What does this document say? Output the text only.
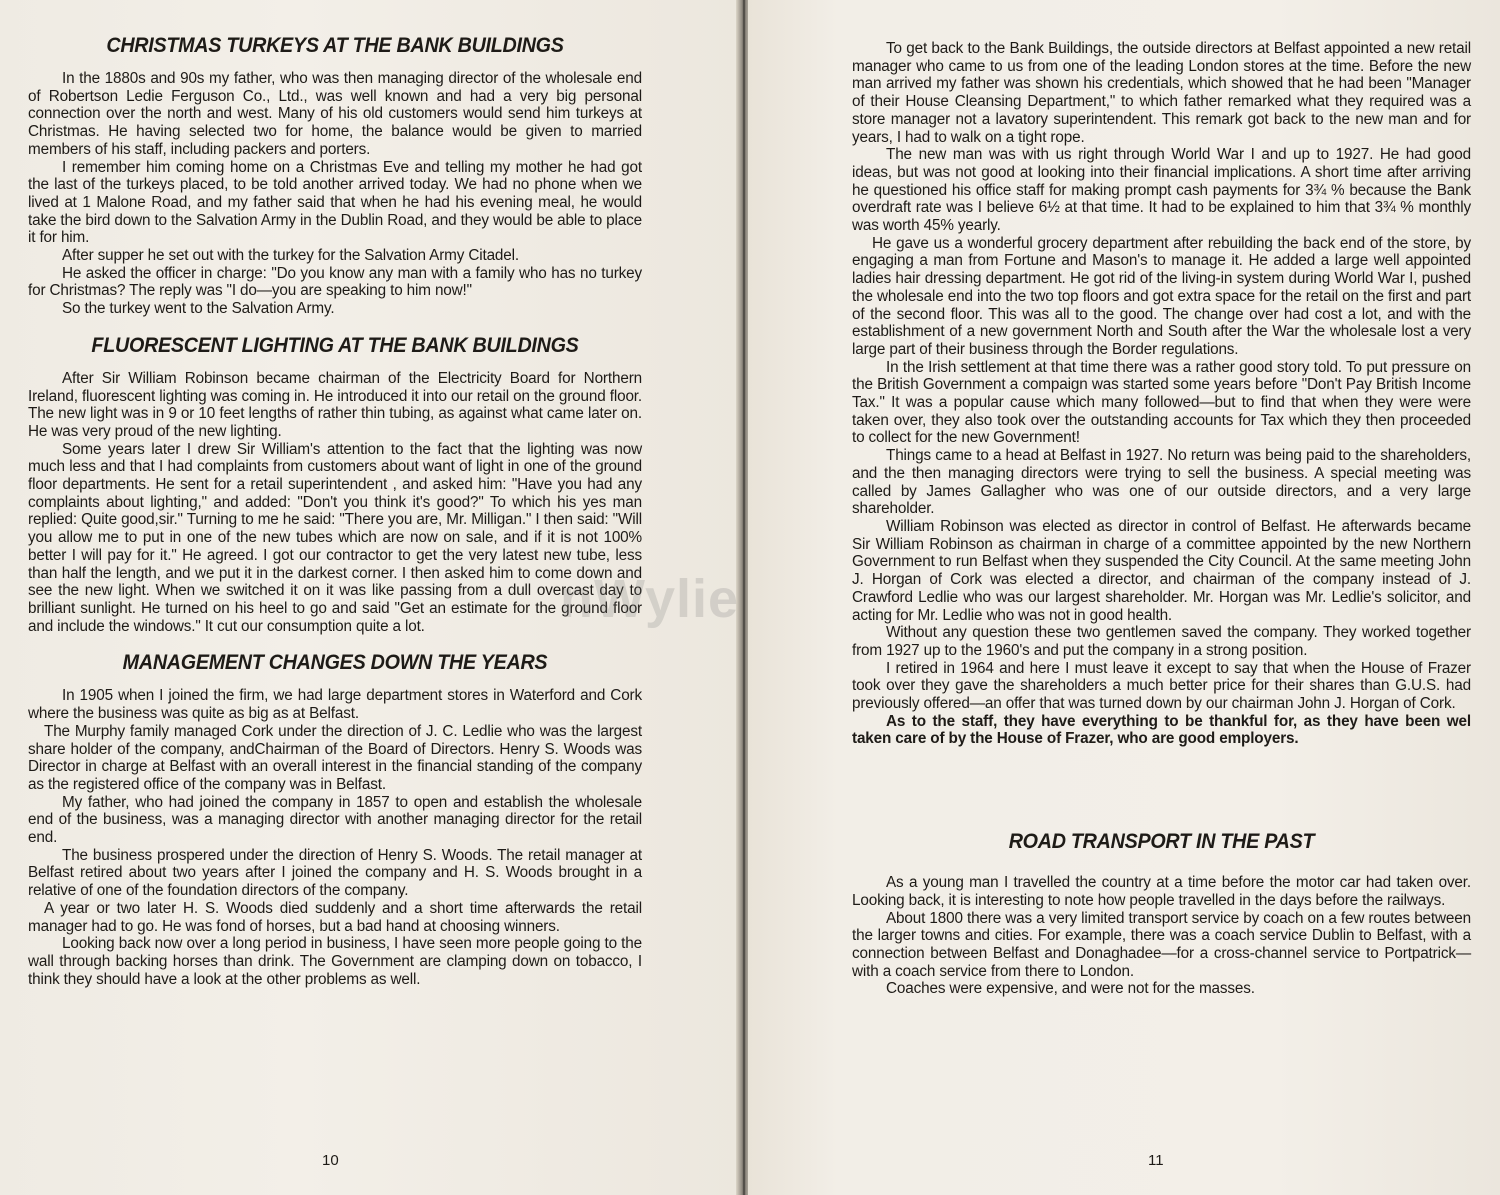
CHRISTMAS TURKEYS AT THE BANK BUILDINGS

In the 1880s and 90s my father, who was then managing director of the wholesale end of Robertson Ledie Ferguson Co., Ltd., was well known and had a very big personal connection over the north and west. Many of his old customers would send him turkeys at Christmas. He having selected two for home, the balance would be given to married members of his staff, including packers and porters.

I remember him coming home on a Christmas Eve and telling my mother he had got the last of the turkeys placed, to be told another arrived today. We had no phone when we lived at 1 Malone Road, and my father said that when he had his evening meal, he would take the bird down to the Salvation Army in the Dublin Road, and they would be able to place it for him.

After supper he set out with the turkey for the Salvation Army Citadel.

He asked the officer in charge: "Do you know any man with a family who has no turkey for Christmas? The reply was "I do—you are speaking to him now!"

So the turkey went to the Salvation Army.

FLUORESCENT LIGHTING AT THE BANK BUILDINGS

After Sir William Robinson became chairman of the Electricity Board for Northern Ireland, fluorescent lighting was coming in. He introduced it into our retail on the ground floor. The new light was in 9 or 10 feet lengths of rather thin tubing, as against what came later on. He was very proud of the new lighting.

Some years later I drew Sir William's attention to the fact that the lighting was now much less and that I had complaints from customers about want of light in one of the ground floor departments. He sent for a retail superintendent , and asked him: "Have you had any complaints about lighting," and added: "Don't you think it's good?" To which his yes man replied: Quite good,sir." Turning to me he said: "There you are, Mr. Milligan." I then said: "Will you allow me to put in one of the new tubes which are now on sale, and if it is not 100% better I will pay for it." He agreed. I got our contractor to get the very latest new tube, less than half the length, and we put it in the darkest corner. I then asked him to come down and see the new light. When we switched it on it was like passing from a dull overcast day to brilliant sunlight. He turned on his heel to go and said "Get an estimate for the ground floor and include the windows." It cut our consumption quite a lot.

MANAGEMENT CHANGES DOWN THE YEARS

In 1905 when I joined the firm, we had large department stores in Waterford and Cork where the business was quite as big as at Belfast.

The Murphy family managed Cork under the direction of J. C. Ledlie who was the largest share holder of the company, andChairman of the Board of Directors. Henry S. Woods was Director in charge at Belfast with an overall interest in the financial standing of the company as the registered office of the company was in Belfast.

My father, who had joined the company in 1857 to open and establish the wholesale end of the business, was a managing director with another managing director for the retail end.

The business prospered under the direction of Henry S. Woods. The retail manager at Belfast retired about two years after I joined the company and H. S. Woods brought in a relative of one of the foundation directors of the company.

A year or two later H. S. Woods died suddenly and a short time afterwards the retail manager had to go. He was fond of horses, but a bad hand at choosing winners.

Looking back now over a long period in business, I have seen more people going to the wall through backing horses than drink. The Government are clamping down on tobacco, I think they should have a look at the other problems as well.

10

To get back to the Bank Buildings, the outside directors at Belfast appointed a new retail manager who came to us from one of the leading London stores at the time. Before the new man arrived my father was shown his credentials, which showed that he had been "Manager of their House Cleansing Department," to which father remarked what they required was a store manager not a lavatory superintendent. This remark got back to the new man and for years, I had to walk on a tight rope.

The new man was with us right through World War I and up to 1927. He had good ideas, but was not good at looking into their financial implications. A short time after arriving he questioned his office staff for making prompt cash payments for 3¾ % because the Bank overdraft rate was I believe 6½ at that time. It had to be explained to him that 3¾ % monthly was worth 45% yearly.

He gave us a wonderful grocery department after rebuilding the back end of the store, by engaging a man from Fortune and Mason's to manage it. He added a large well appointed ladies hair dressing department. He got rid of the living-in system during World War I, pushed the wholesale end into the two top floors and got extra space for the retail on the first and part of the second floor. This was all to the good. The change over had cost a lot, and with the establishment of a new government North and South after the War the wholesale lost a very large part of their business through the Border regulations.

In the Irish settlement at that time there was a rather good story told. To put pressure on the British Government a compaign was started some years before "Don't Pay British Income Tax." It was a popular cause which many followed—but to find that when they were were taken over, they also took over the outstanding accounts for Tax which they then proceeded to collect for the new Government!

Things came to a head at Belfast in 1927. No return was being paid to the shareholders, and the then managing directors were trying to sell the business. A special meeting was called by James Gallagher who was one of our outside directors, and a very large shareholder.

William Robinson was elected as director in control of Belfast. He afterwards became Sir William Robinson as chairman in charge of a committee appointed by the new Northern Government to run Belfast when they suspended the City Council. At the same meeting John J. Horgan of Cork was elected a director, and chairman of the company instead of J. Crawford Ledlie who was our largest shareholder. Mr. Horgan was Mr. Ledlie's solicitor, and acting for Mr. Ledlie who was not in good health.

Without any question these two gentlemen saved the company. They worked together from 1927 up to the 1960's and put the company in a strong position.

I retired in 1964 and here I must leave it except to say that when the House of Frazer took over they gave the shareholders a much better price for their shares than G.U.S. had previously offered—an offer that was turned down by our chairman John J. Horgan of Cork.

As to the staff, they have everything to be thankful for, as they have been wel taken care of by the House of Frazer, who are good employers.

ROAD TRANSPORT IN THE PAST

As a young man I travelled the country at a time before the motor car had taken over. Looking back, it is interesting to note how people travelled in the days before the railways.

About 1800 there was a very limited transport service by coach on a few routes between the larger towns and cities. For example, there was a coach service Dublin to Belfast, with a connection between Belfast and Donaghadee—for a cross-channel service to Portpatrick—with a coach service from there to London.

Coaches were expensive, and were not for the masses.

11
nWylie
